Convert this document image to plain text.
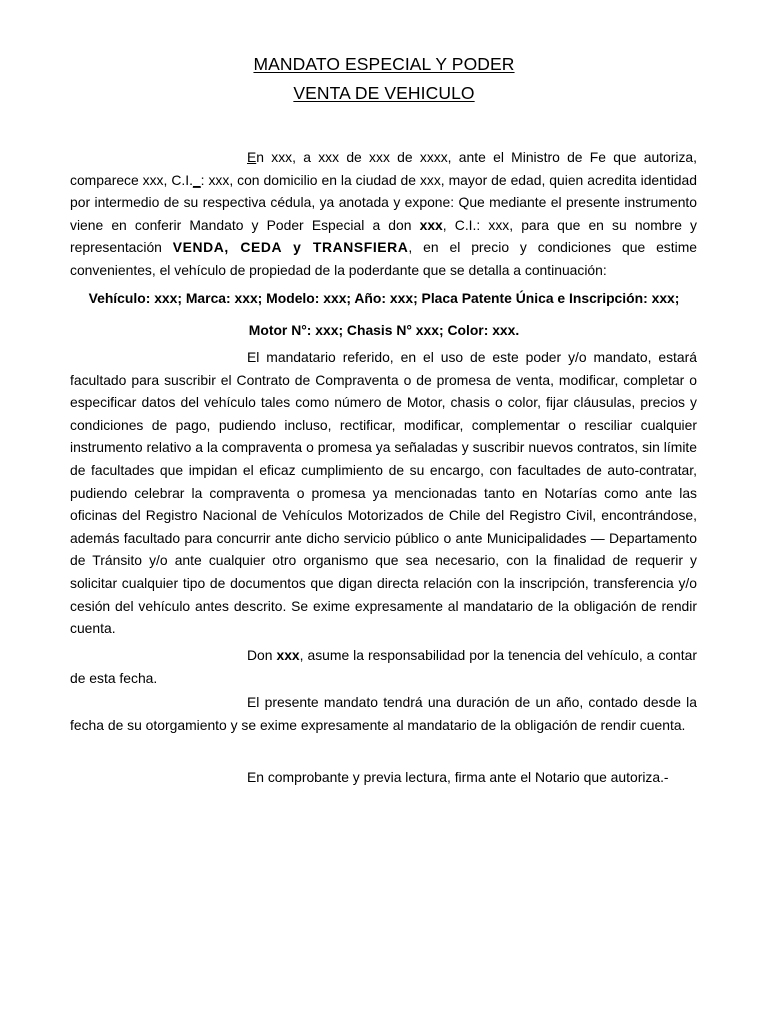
MANDATO ESPECIAL Y PODER
VENTA DE VEHICULO
En xxx, a xxx de xxx de xxxx, ante el Ministro de Fe que autoriza, comparece xxx, C.I._: xxx, con domicilio en la ciudad de xxx, mayor de edad, quien acredita identidad por intermedio de su respectiva cédula, ya anotada y expone: Que mediante el presente instrumento viene en conferir Mandato y Poder Especial a don xxx, C.I.: xxx, para que en su nombre y representación VENDA, CEDA y TRANSFIERA, en el precio y condiciones que estime convenientes, el vehículo de propiedad de la poderdante que se detalla a continuación:
Vehículo: xxx; Marca: xxx; Modelo: xxx; Año: xxx; Placa Patente Única e Inscripción: xxx;
Motor N°: xxx; Chasis N° xxx; Color: xxx.
El mandatario referido, en el uso de este poder y/o mandato, estará facultado para suscribir el Contrato de Compraventa o de promesa de venta, modificar, completar o especificar datos del vehículo tales como número de Motor, chasis o color, fijar cláusulas, precios y condiciones de pago, pudiendo incluso, rectificar, modificar, complementar o resciliar cualquier instrumento relativo a la compraventa o promesa ya señaladas y suscribir nuevos contratos, sin límite de facultades que impidan el eficaz cumplimiento de su encargo, con facultades de auto-contratar, pudiendo celebrar la compraventa o promesa ya mencionadas tanto en Notarías como ante las oficinas del Registro Nacional de Vehículos Motorizados de Chile del Registro Civil, encontrándose, además facultado para concurrir ante dicho servicio público o ante Municipalidades — Departamento de Tránsito y/o ante cualquier otro organismo que sea necesario, con la finalidad de requerir y solicitar cualquier tipo de documentos que digan directa relación con la inscripción, transferencia y/o cesión del vehículo antes descrito. Se exime expresamente al mandatario de la obligación de rendir cuenta.
Don xxx, asume la responsabilidad por la tenencia del vehículo, a contar de esta fecha.
El presente mandato tendrá una duración de un año, contado desde la fecha de su otorgamiento y se exime expresamente al mandatario de la obligación de rendir cuenta.
En comprobante y previa lectura, firma ante el Notario que autoriza.-
